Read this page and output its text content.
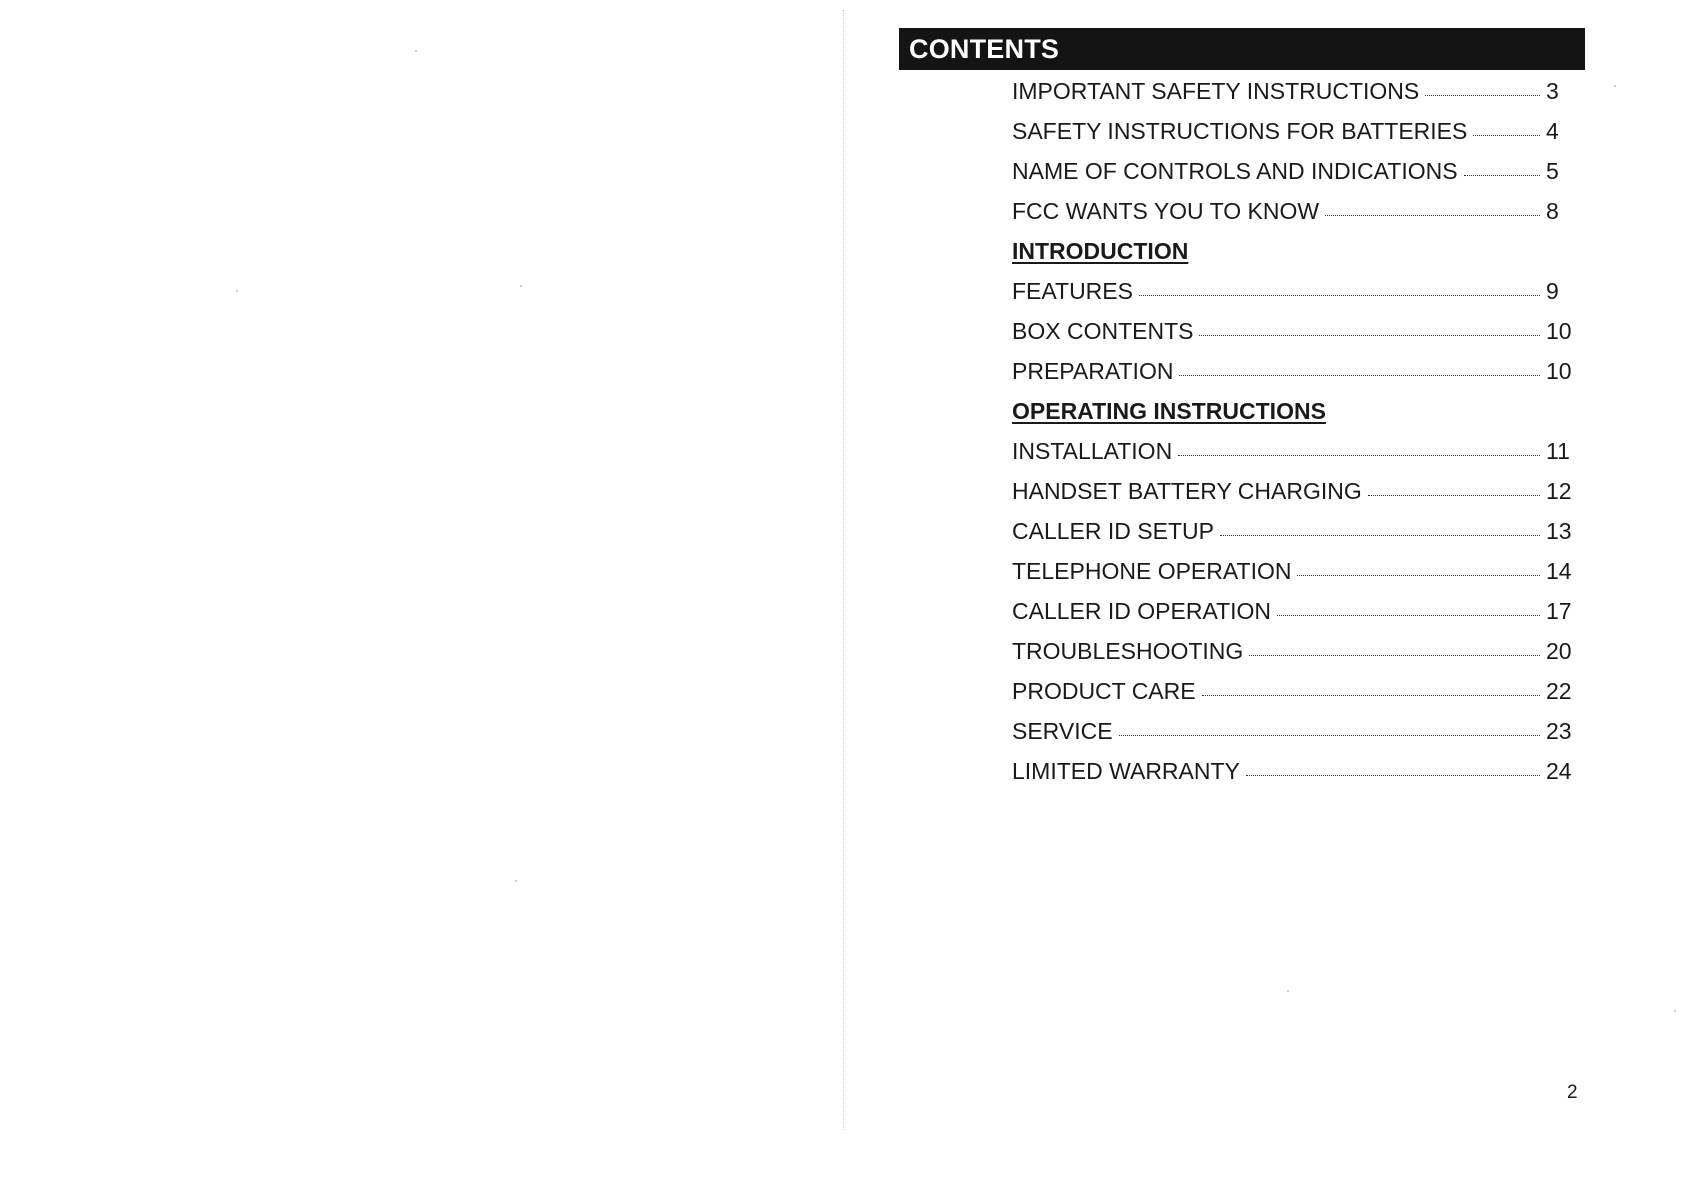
CONTENTS
IMPORTANT SAFETY INSTRUCTIONS	3
SAFETY INSTRUCTIONS FOR BATTERIES	4
NAME OF CONTROLS AND INDICATIONS	5
FCC WANTS YOU TO KNOW	8
INTRODUCTION
FEATURES	9
BOX CONTENTS	10
PREPARATION	10
OPERATING INSTRUCTIONS
INSTALLATION	11
HANDSET BATTERY CHARGING	12
CALLER ID SETUP	13
TELEPHONE OPERATION	14
CALLER ID OPERATION	17
TROUBLESHOOTING	20
PRODUCT CARE	22
SERVICE	23
LIMITED WARRANTY	24
2
